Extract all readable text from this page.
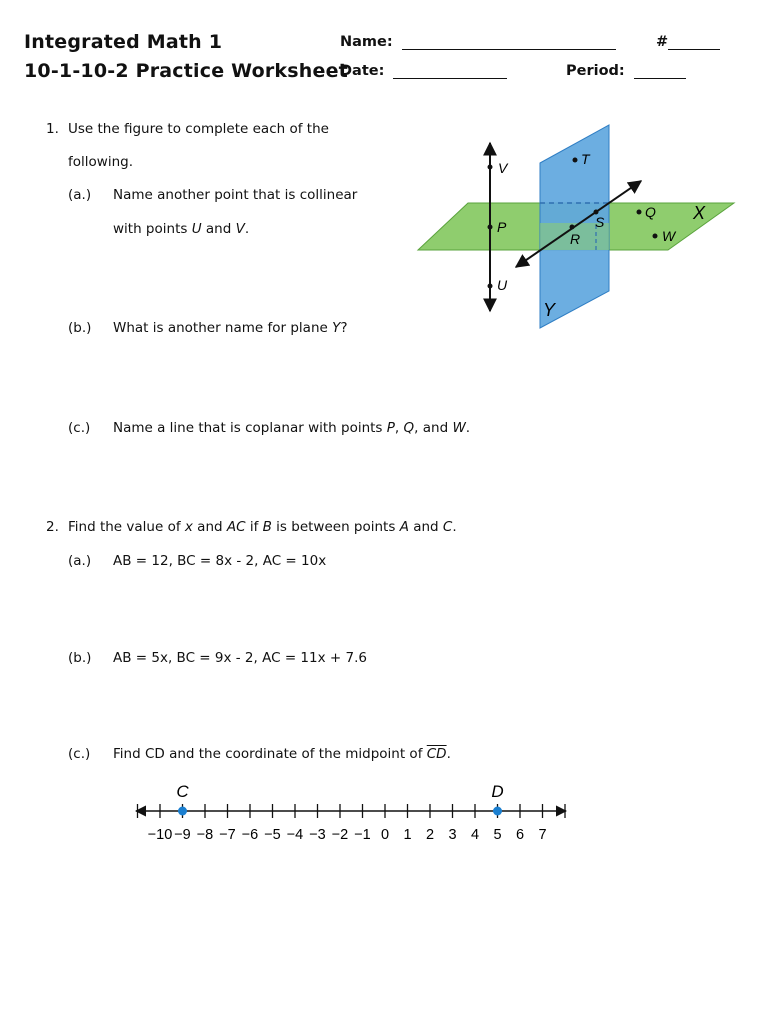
Integrated Math 1
10-1-10-2 Practice Worksheet
Name:	#
Date:	Period:
1. Use the figure to complete each of the
following.
(a.) Name another point that is collinear
with points U and V.
(b.) What is another name for plane Y?
(c.) Name a line that is coplanar with points P, Q, and W.
V
T
P	S
Q
W
R
U
X
Y
2. Find the value of x and AC if B is between points A and C.
(a.) AB = 12, BC = 8x - 2, AC = 10x
(b.) AB = 5x, BC = 9x - 2, AC = 11x + 7.6
(c.) Find CD and the coordinate of the midpoint of $\overline{CD}$.
−10 −9 −8 −7 −6 −5 −4 −3 −2 −1 0 1 2 3 4 5 6 7
C	D
